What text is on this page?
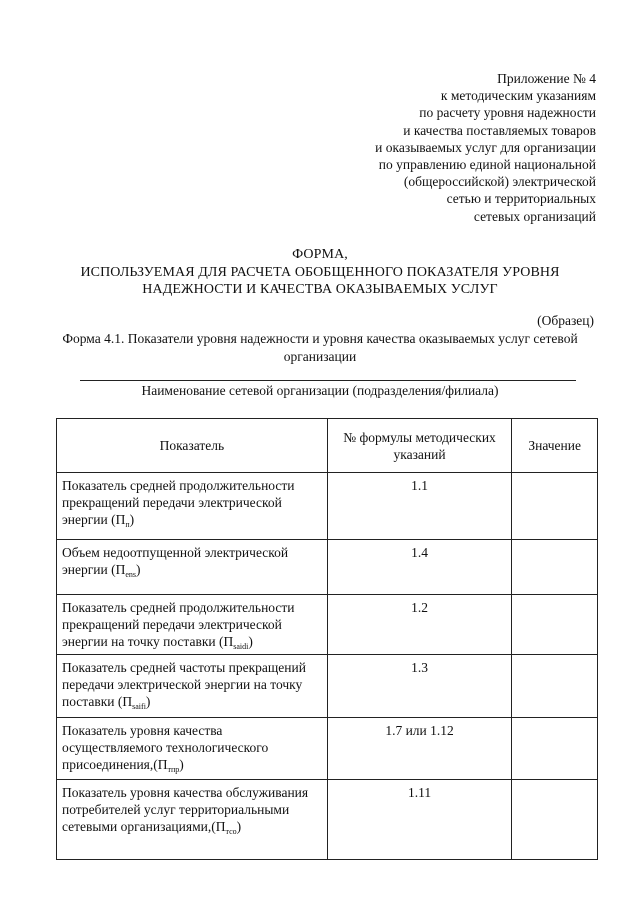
Приложение № 4
к методическим указаниям
по расчету уровня надежности
и качества поставляемых товаров
и оказываемых услуг для организации
по управлению единой национальной
(общероссийской) электрической
сетью и территориальных
сетевых организаций
ФОРМА,
ИСПОЛЬЗУЕМАЯ ДЛЯ РАСЧЕТА ОБОБЩЕННОГО ПОКАЗАТЕЛЯ УРОВНЯ
НАДЕЖНОСТИ И КАЧЕСТВА ОКАЗЫВАЕМЫХ УСЛУГ
(Образец)
Форма 4.1. Показатели уровня надежности и уровня качества оказываемых услуг сетевой организации
Наименование сетевой организации (подразделения/филиала)
Показатель	№ формулы методических указаний	Значение
Показатель средней продолжительности прекращений передачи электрической энергии $(П_п)$	1.1	
Объем недоотпущенной электрической энергии $(П_{ens})$	1.4	
Показатель средней продолжительности прекращений передачи электрической энергии на точку поставки $(П_{saidi})$	1.2	
Показатель средней частоты прекращений передачи электрической энергии на точку поставки $(П_{saifi})$	1.3	
Показатель уровня качества осуществляемого технологического $присоединения,(П_{тпр})$	1.7 или 1.12	
Показатель уровня качества обслуживания потребителей услуг территориальными сетевыми $организациями,(П_{тсо})$	1.11	
